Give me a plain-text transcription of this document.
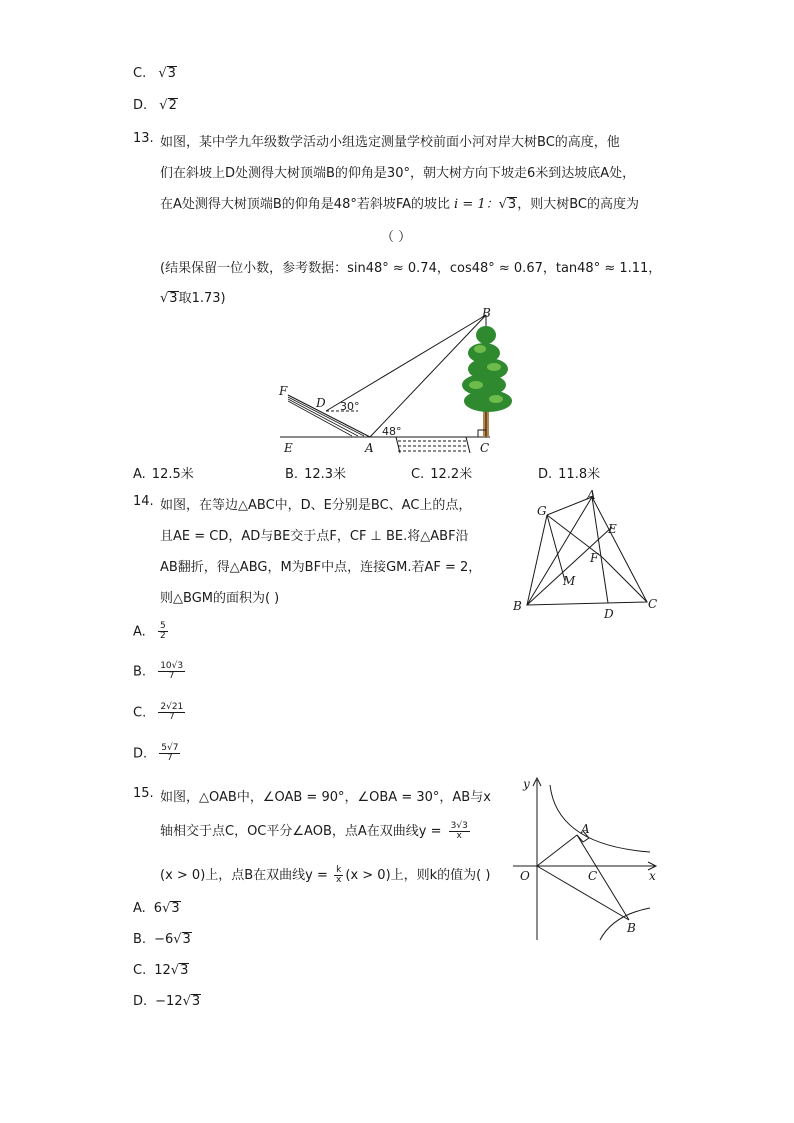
C. √3
D. √2
13. 如图，某中学九年级数学活动小组选定测量学校前面小河对岸大树BC的高度，他
们在斜坡上D处测得大树顶端B的仰角是30°，朝大树方向下坡走6米到达坡底A处，
在A处测得大树顶端B的仰角是48°若斜坡FA的坡比 i = 1：√3，则大树BC的高度为
（ ）
(结果保留一位小数，参考数据：sin48° ≈ 0.74，cos48° ≈ 0.67，tan48° ≈ 1.11，
√3取1.73)
B
F
D 30°
48°
E	A	C
A. 12.5米	B. 12.3米	C. 12.2米	D. 11.8米
14. 如图，在等边△ABC中，D、E分别是BC、AC上的点，
且AE = CD，AD与BE交于点F，CF ⊥ BE.将△ABF沿
AB翻折，得△ABG，M为BF中点，连接GM.若AF = 2，
则△BGM的面积为( )
G
A
E
F
M
B
D
C
A. $\frac{5}{2}$
B. $\frac{10√3}{7}$
C. $\frac{2√21}{7}$
D. $\frac{5√7}{7}$
15. 如图，△OAB中，∠OAB = 90°，∠OBA = 30°，AB与x
轴相交于点C，OC平分∠AOB，点A在双曲线$y = \frac{3√3}{x}$
(x > 0)上，点B在双曲线$y = \frac{k}{x} (x > 0)$上，则k的值为( )
y
x
O
A
C
B
A. 6√3
B. −6√3
C. 12√3
D. −12√3
